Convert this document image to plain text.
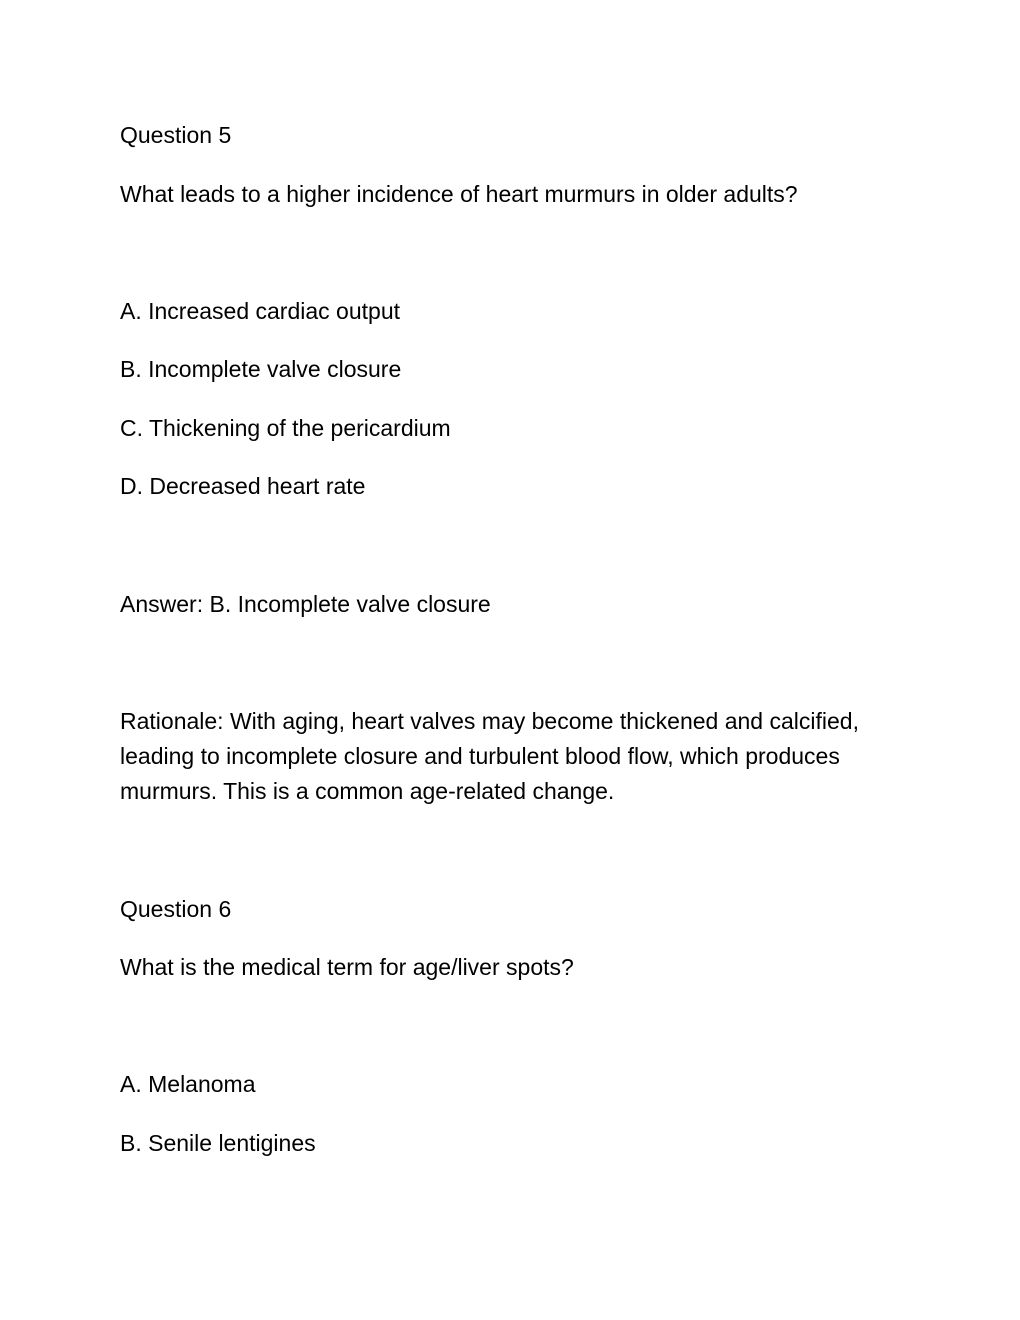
Question 5
What leads to a higher incidence of heart murmurs in older adults?
A. Increased cardiac output
B. Incomplete valve closure
C. Thickening of the pericardium
D. Decreased heart rate
Answer: B. Incomplete valve closure
Rationale: With aging, heart valves may become thickened and calcified, leading to incomplete closure and turbulent blood flow, which produces murmurs. This is a common age-related change.
Question 6
What is the medical term for age/liver spots?
A. Melanoma
B. Senile lentigines
